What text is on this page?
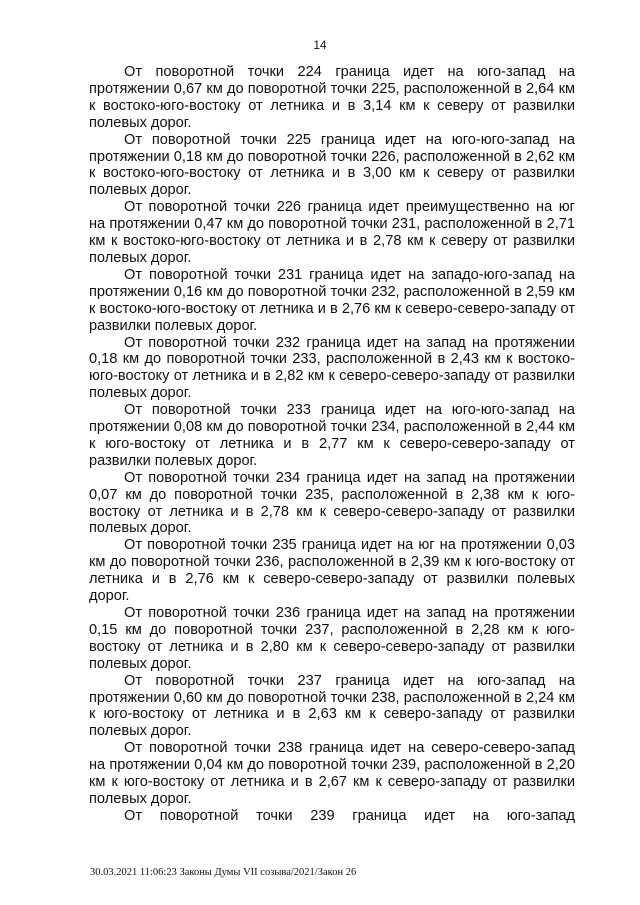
14

От поворотной точки 224 граница идет на юго-запад на протяжении 0,67 км до поворотной точки 225, расположенной в 2,64 км к востоко-юго-востоку от летника и в 3,14 км к северу от развилки полевых дорог.

От поворотной точки 225 граница идет на юго-юго-запад на протяжении 0,18 км до поворотной точки 226, расположенной в 2,62 км к востоко-юго-востоку от летника и в 3,00 км к северу от развилки полевых дорог.

От поворотной точки 226 граница идет преимущественно на юг на протяжении 0,47 км до поворотной точки 231, расположенной в 2,71 км к востоко-юго-востоку от летника и в 2,78 км к северу от развилки полевых дорог.

От поворотной точки 231 граница идет на западо-юго-запад на протяжении 0,16 км до поворотной точки 232, расположенной в 2,59 км к востоко-юго-востоку от летника и в 2,76 км к северо-северо-западу от развилки полевых дорог.

От поворотной точки 232 граница идет на запад на протяжении 0,18 км до поворотной точки 233, расположенной в 2,43 км к востоко-юго-востоку от летника и в 2,82 км к северо-северо-западу от развилки полевых дорог.

От поворотной точки 233 граница идет на юго-юго-запад на протяжении 0,08 км до поворотной точки 234, расположенной в 2,44 км к юго-востоку от летника и в 2,77 км к северо-северо-западу от развилки полевых дорог.

От поворотной точки 234 граница идет на запад на протяжении 0,07 км до поворотной точки 235, расположенной в 2,38 км к юго-востоку от летника и в 2,78 км к северо-северо-западу от развилки полевых дорог.

От поворотной точки 235 граница идет на юг на протяжении 0,03 км до поворотной точки 236, расположенной в 2,39 км к юго-востоку от летника и в 2,76 км к северо-северо-западу от развилки полевых дорог.

От поворотной точки 236 граница идет на запад на протяжении 0,15 км до поворотной точки 237, расположенной в 2,28 км к юго-востоку от летника и в 2,80 км к северо-северо-западу от развилки полевых дорог.

От поворотной точки 237 граница идет на юго-запад на протяжении 0,60 км до поворотной точки 238, расположенной в 2,24 км к юго-востоку от летника и в 2,63 км к северо-западу от развилки полевых дорог.

От поворотной точки 238 граница идет на северо-северо-запад на протяжении 0,04 км до поворотной точки 239, расположенной в 2,20 км к юго-востоку от летника и в 2,67 км к северо-западу от развилки полевых дорог.

От поворотной точки 239 граница идет на юго-запад

30.03.2021 11:06:23 Законы Думы VII созыва/2021/Закон 26
